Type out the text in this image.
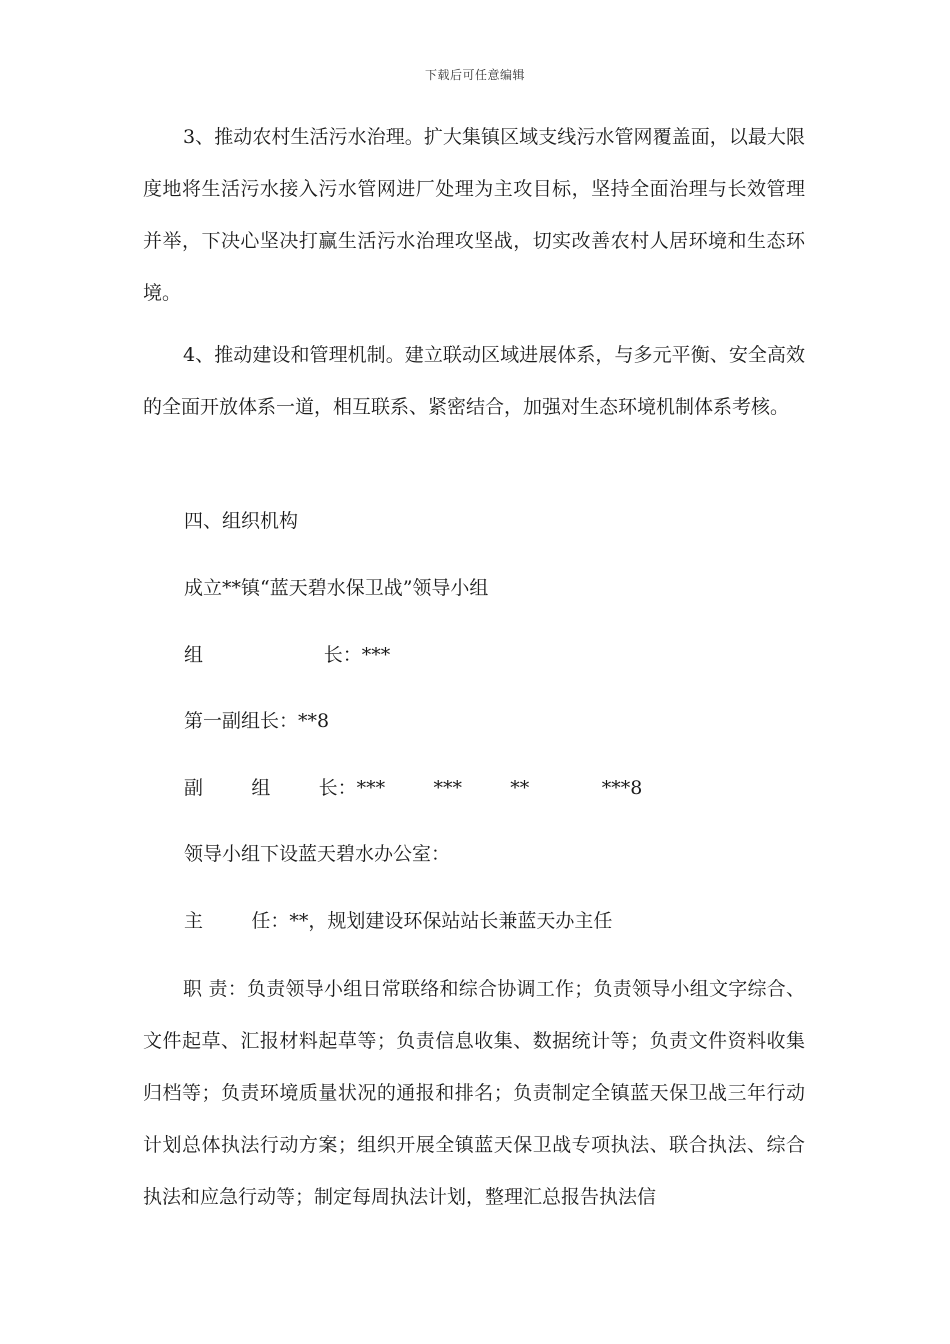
下载后可任意编辑

3、推动农村生活污水治理。扩大集镇区域支线污水管网覆盖面，以最大限度地将生活污水接入污水管网进厂处理为主攻目标，坚持全面治理与长效管理并举，下决心坚决打赢生活污水治理攻坚战，切实改善农村人居环境和生态环境。

4、推动建设和管理机制。建立联动区域进展体系，与多元平衡、安全高效的全面开放体系一道，相互联系、紧密结合，加强对生态环境机制体系考核。

四、组织机构

成立**镇“蓝天碧水保卫战”领导小组

组                    长：***

第一副组长：**8

副        组        长：***        ***        **            ***8

领导小组下设蓝天碧水办公室：

主        任：**，规划建设环保站站长兼蓝天办主任

职 责：负责领导小组日常联络和综合协调工作；负责领导小组文字综合、文件起草、汇报材料起草等；负责信息收集、数据统计等；负责文件资料收集归档等；负责环境质量状况的通报和排名；负责制定全镇蓝天保卫战三年行动计划总体执法行动方案；组织开展全镇蓝天保卫战专项执法、联合执法、综合执法和应急行动等；制定每周执法计划，整理汇总报告执法信
